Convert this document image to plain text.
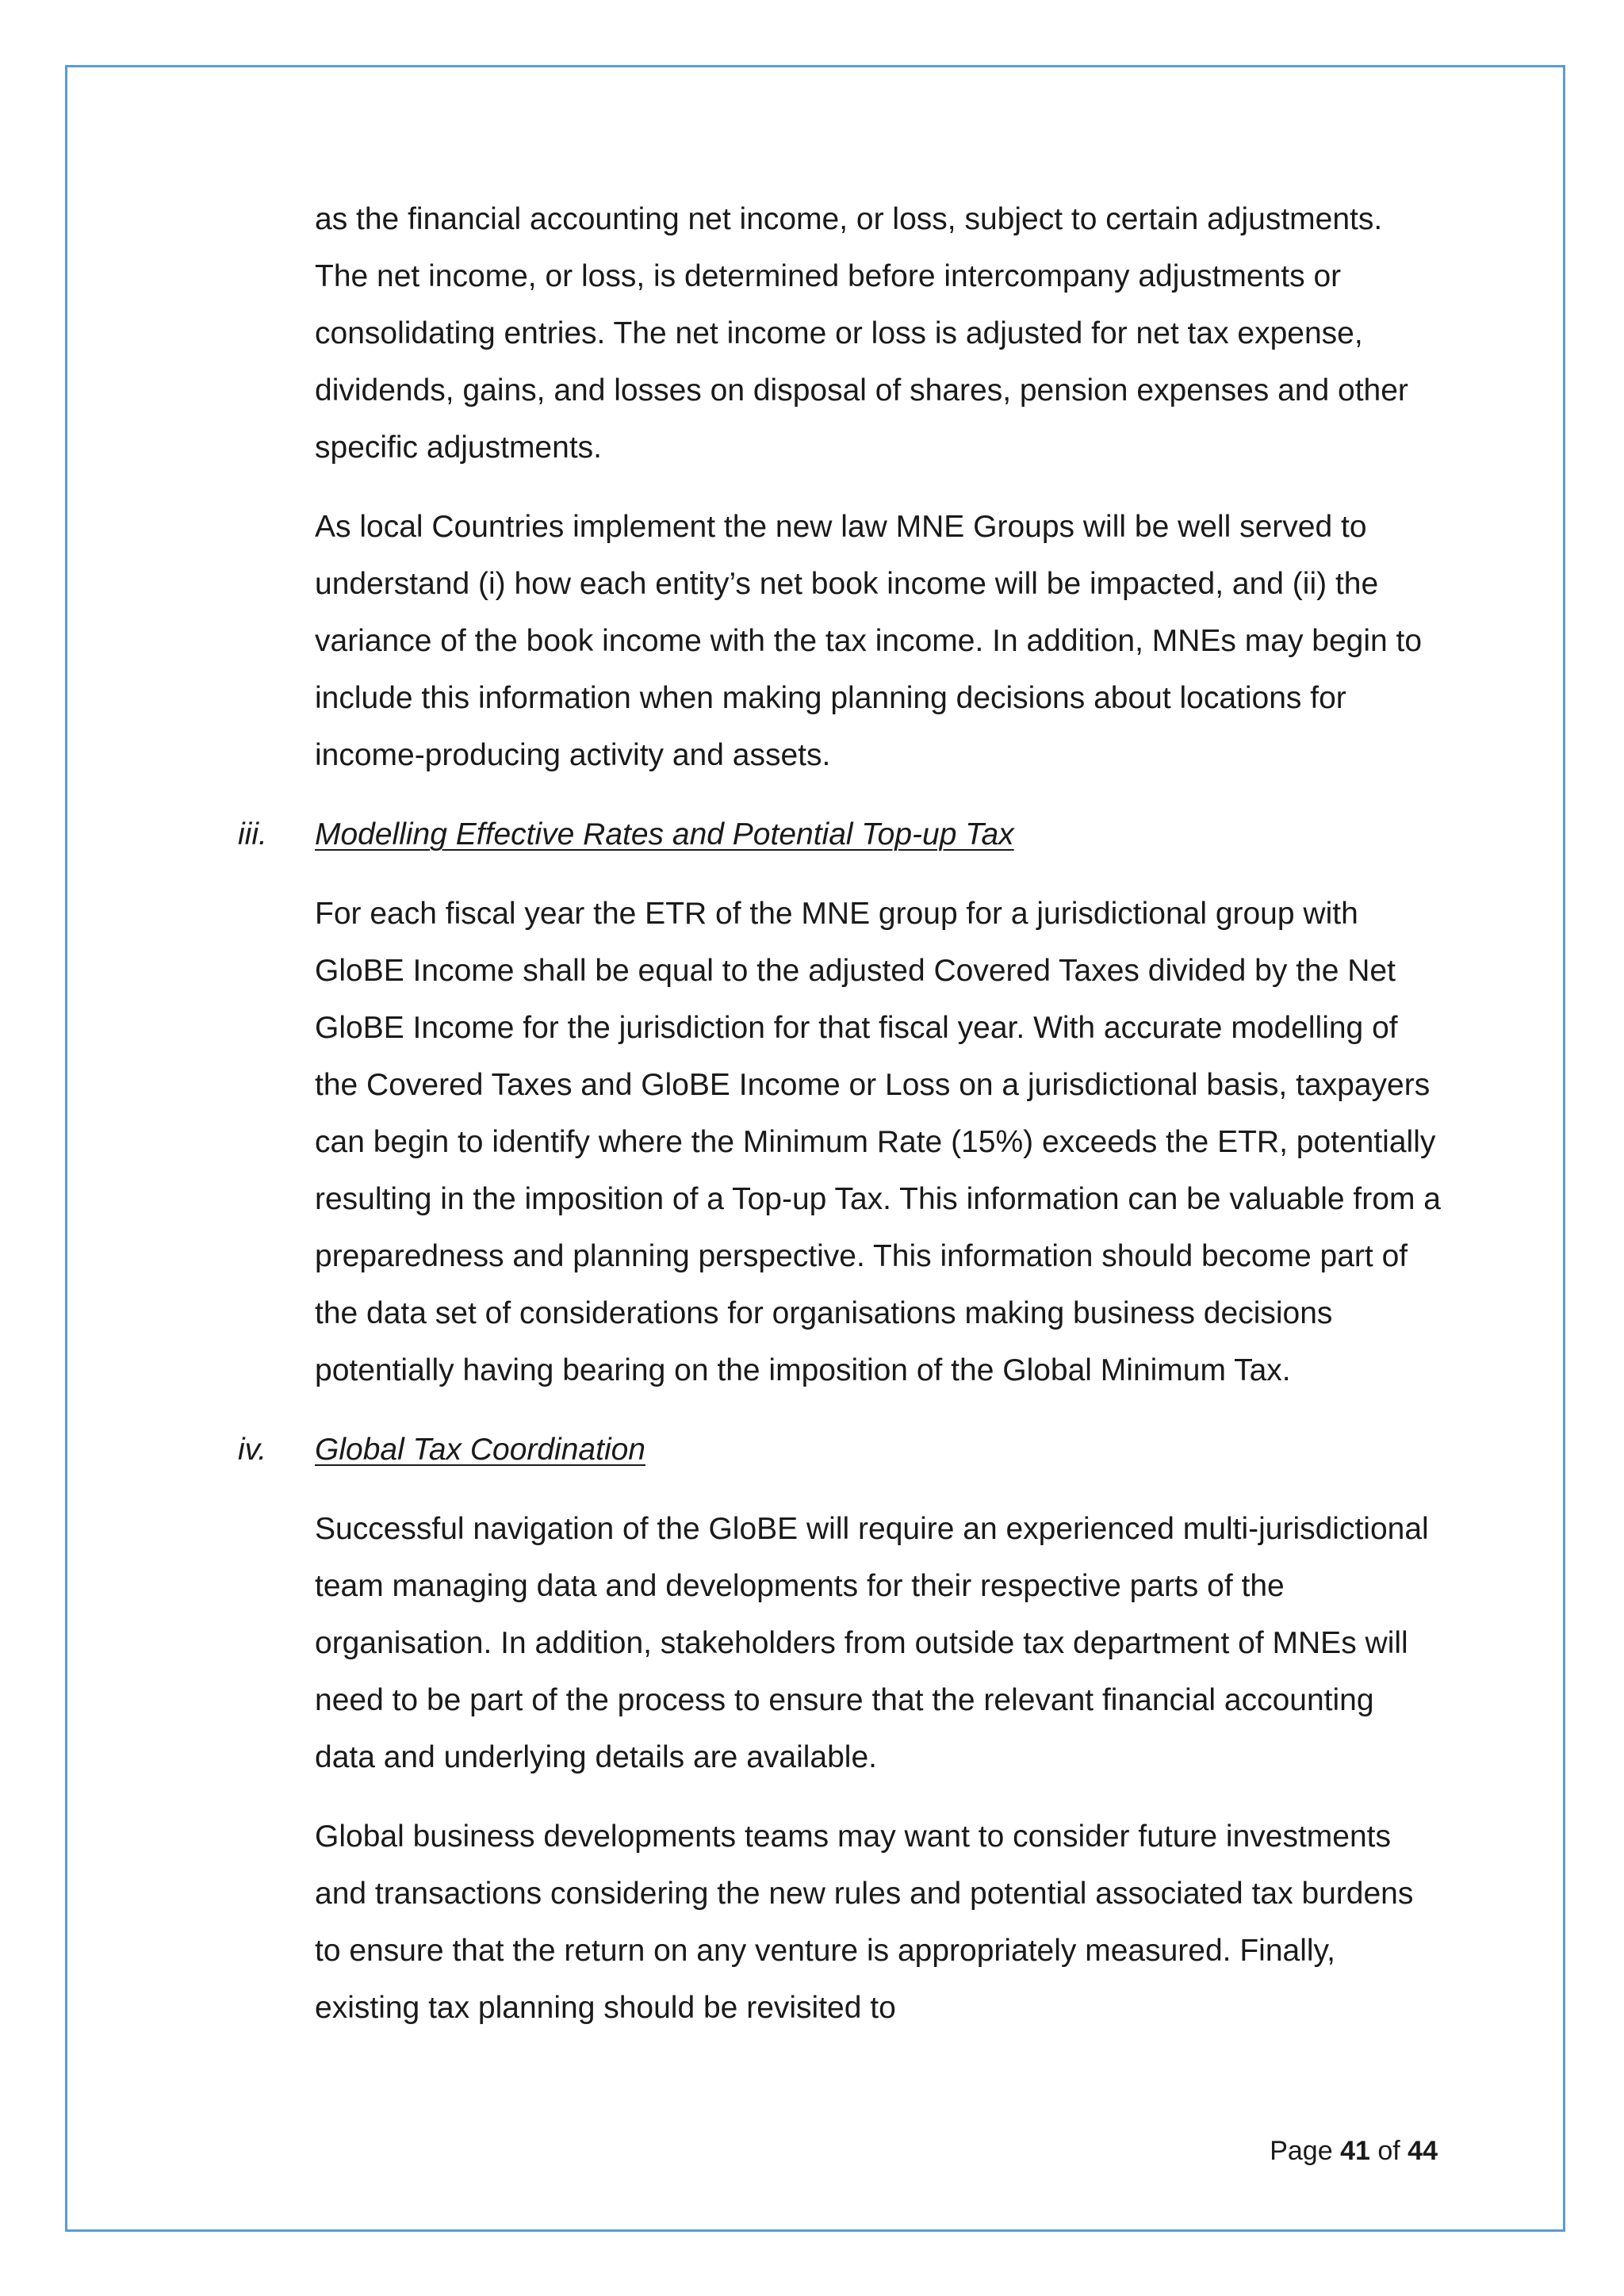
as the financial accounting net income, or loss, subject to certain adjustments. The net income, or loss, is determined before intercompany adjustments or consolidating entries. The net income or loss is adjusted for net tax expense, dividends, gains, and losses on disposal of shares, pension expenses and other specific adjustments.

As local Countries implement the new law MNE Groups will be well served to understand (i) how each entity’s net book income will be impacted, and (ii) the variance of the book income with the tax income. In addition, MNEs may begin to include this information when making planning decisions about locations for income-producing activity and assets.

iii. Modelling Effective Rates and Potential Top-up Tax

For each fiscal year the ETR of the MNE group for a jurisdictional group with GloBE Income shall be equal to the adjusted Covered Taxes divided by the Net GloBE Income for the jurisdiction for that fiscal year. With accurate modelling of the Covered Taxes and GloBE Income or Loss on a jurisdictional basis, taxpayers can begin to identify where the Minimum Rate (15%) exceeds the ETR, potentially resulting in the imposition of a Top-up Tax. This information can be valuable from a preparedness and planning perspective. This information should become part of the data set of considerations for organisations making business decisions potentially having bearing on the imposition of the Global Minimum Tax.

iv. Global Tax Coordination

Successful navigation of the GloBE will require an experienced multi-jurisdictional team managing data and developments for their respective parts of the organisation. In addition, stakeholders from outside tax department of MNEs will need to be part of the process to ensure that the relevant financial accounting data and underlying details are available.

Global business developments teams may want to consider future investments and transactions considering the new rules and potential associated tax burdens to ensure that the return on any venture is appropriately measured. Finally, existing tax planning should be revisited to

Page 41 of 44
